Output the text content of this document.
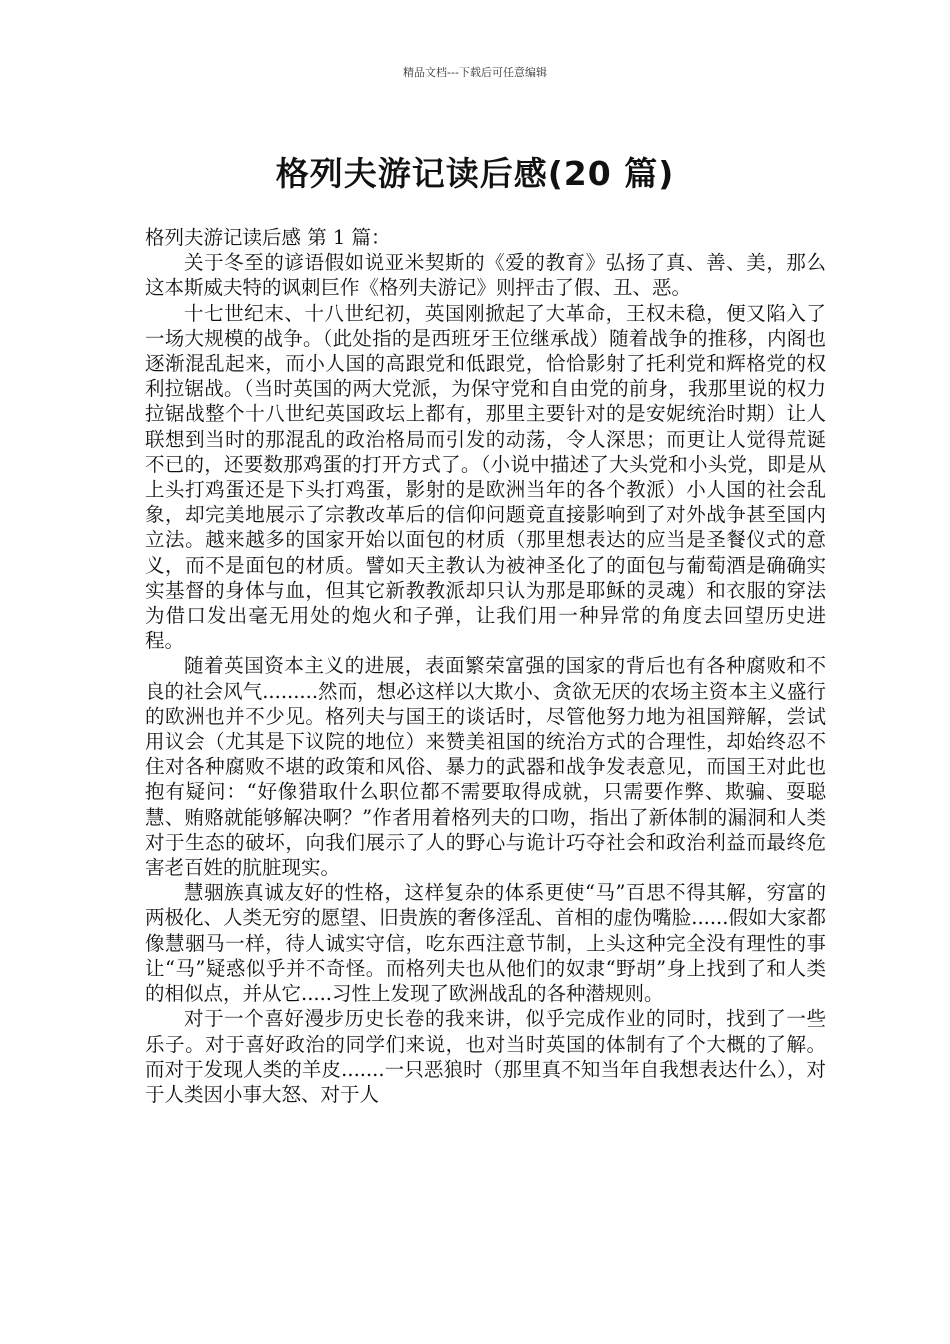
精品文档---下载后可任意编辑
格列夫游记读后感(20 篇)

格列夫游记读后感 第 1 篇：

关于冬至的谚语假如说亚米契斯的《爱的教育》弘扬了真、善、美，那么这本斯威夫特的讽刺巨作《格列夫游记》则抨击了假、丑、恶。

十七世纪末、十八世纪初，英国刚掀起了大革命，王权未稳，便又陷入了一场大规模的战争。（此处指的是西班牙王位继承战）随着战争的推移，内阁也逐渐混乱起来，而小人国的高跟党和低跟党，恰恰影射了托利党和辉格党的权利拉锯战。（当时英国的两大党派，为保守党和自由党的前身，我那里说的权力拉锯战整个十八世纪英国政坛上都有，那里主要针对的是安妮统治时期）让人联想到当时的那混乱的政治格局而引发的动荡，令人深思；而更让人觉得荒诞不已的，还要数那鸡蛋的打开方式了。（小说中描述了大头党和小头党，即是从上头打鸡蛋还是下头打鸡蛋，影射的是欧洲当年的各个教派）小人国的社会乱象，却完美地展示了宗教改革后的信仰问题竟直接影响到了对外战争甚至国内立法。越来越多的国家开始以面包的材质（那里想表达的应当是圣餐仪式的意义，而不是面包的材质。譬如天主教认为被神圣化了的面包与葡萄酒是确确实实基督的身体与血，但其它新教教派却只认为那是耶稣的灵魂）和衣服的穿法为借口发出毫无用处的炮火和子弹，让我们用一种异常的角度去回望历史进程。

随着英国资本主义的进展，表面繁荣富强的国家的背后也有各种腐败和不良的社会风气.........然而，想必这样以大欺小、贪欲无厌的农场主资本主义盛行的欧洲也并不少见。格列夫与国王的谈话时，尽管他努力地为祖国辩解，尝试用议会（尤其是下议院的地位）来赞美祖国的统治方式的合理性，却始终忍不住对各种腐败不堪的政策和风俗、暴力的武器和战争发表意见，而国王对此也抱有疑问：“好像猎取什么职位都不需要取得成就，只需要作弊、欺骗、耍聪慧、贿赂就能够解决啊？”作者用着格列夫的口吻，指出了新体制的漏洞和人类对于生态的破坏，向我们展示了人的野心与诡计巧夺社会和政治利益而最终危害老百姓的肮脏现实。

慧骃族真诚友好的性格，这样复杂的体系更使“马”百思不得其解，穷富的两极化、人类无穷的愿望、旧贵族的奢侈淫乱、首相的虚伪嘴脸......假如大家都像慧骃马一样，待人诚实守信，吃东西注意节制，上头这种完全没有理性的事让“马”疑惑似乎并不奇怪。而格列夫也从他们的奴隶“野胡”身上找到了和人类的相似点，并从它.....习性上发现了欧洲战乱的各种潜规则。

对于一个喜好漫步历史长卷的我来讲，似乎完成作业的同时，找到了一些乐子。对于喜好政治的同学们来说，也对当时英国的体制有了个大概的了解。而对于发现人类的羊皮.......一只恶狼时（那里真不知当年自我想表达什么），对于人类因小事大怒、对于人
